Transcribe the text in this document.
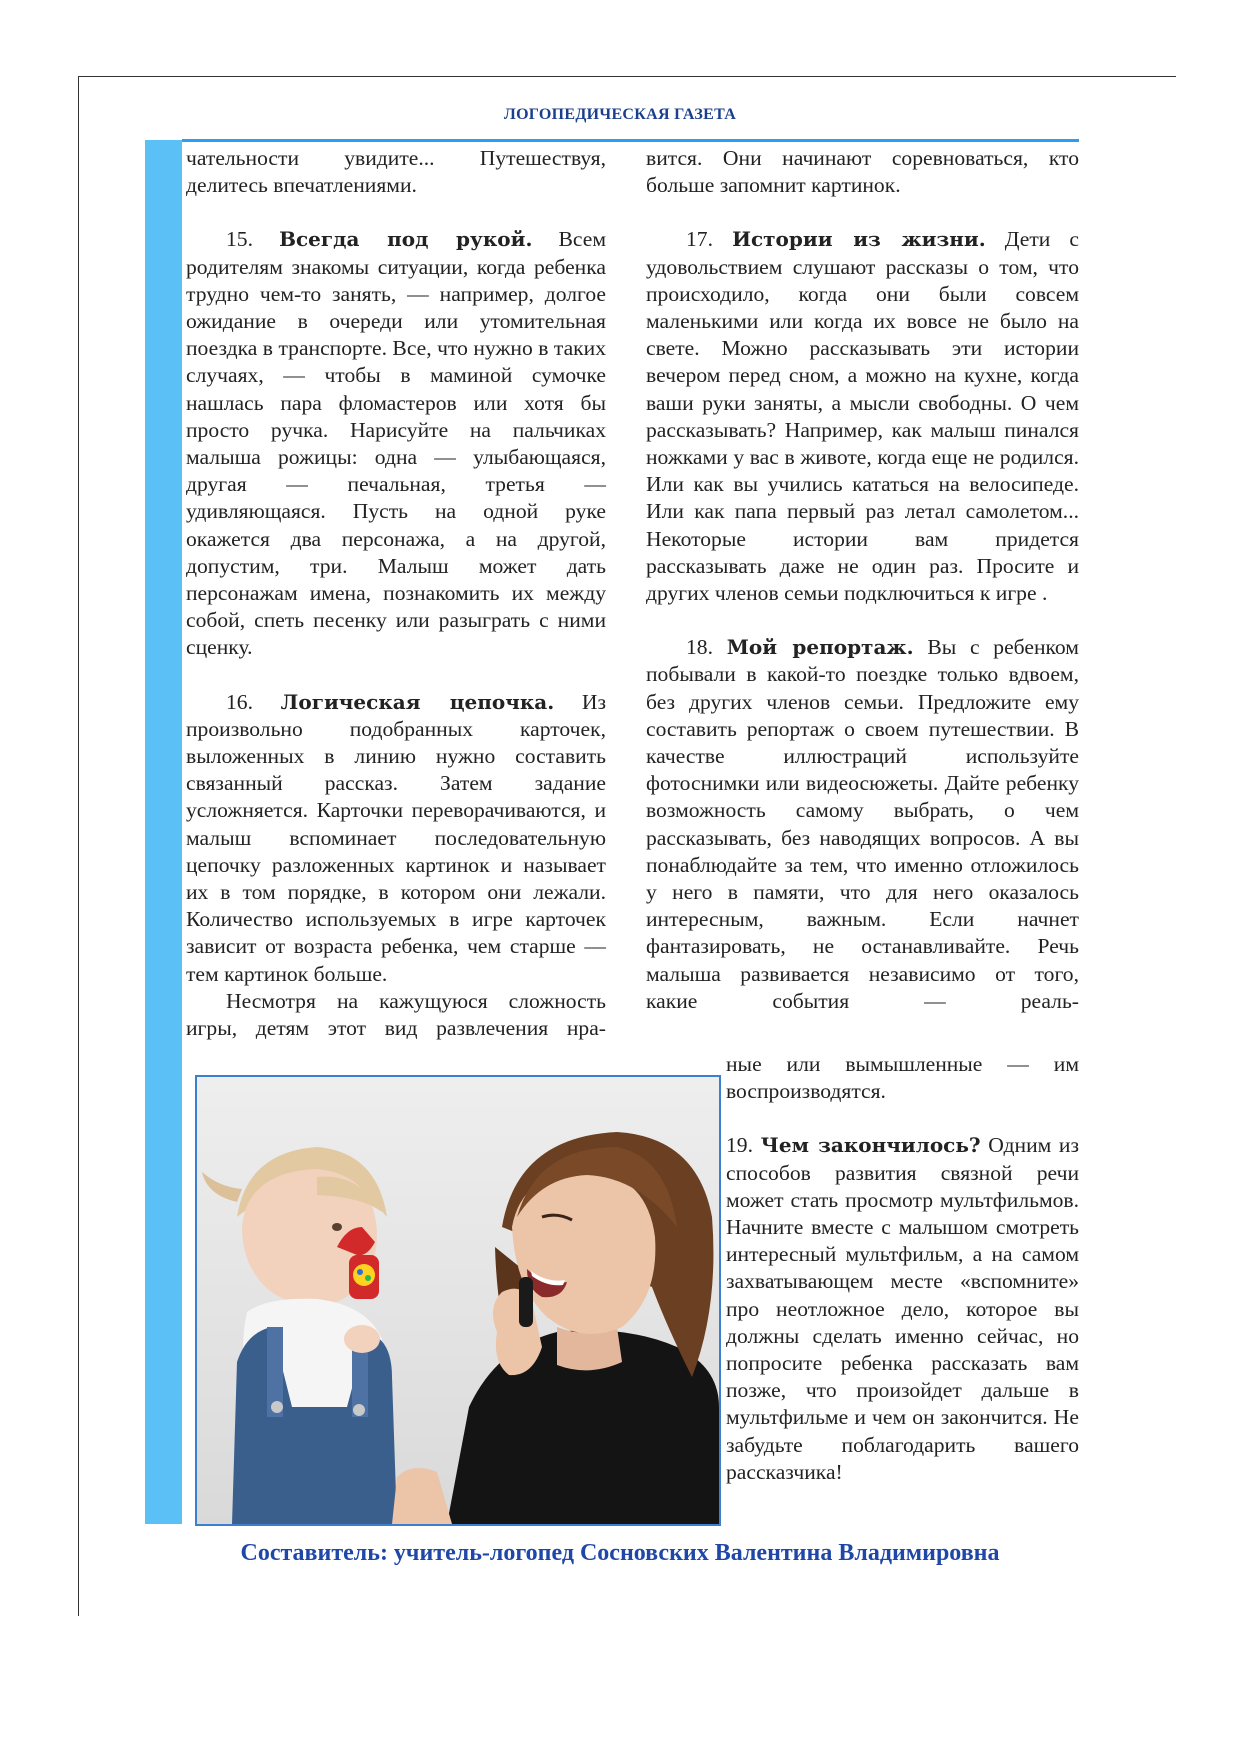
ЛОГОПЕДИЧЕСКАЯ ГАЗЕТА

чательности увидите... Путешествуя, делитесь впечатлениями.

15. Всегда под рукой. Всем родителям знакомы ситуации, когда ребенка трудно чем-то занять, — например, долгое ожидание в очереди или утомительная поездка в транспорте. Все, что нужно в таких случаях, — чтобы в маминой сумочке нашлась пара фломастеров или хотя бы просто ручка. Нарисуйте на пальчиках малыша рожицы: одна — улыбающаяся, другая — печальная, третья — удивляющаяся. Пусть на одной руке окажется два персонажа, а на другой, допустим, три. Малыш может дать персонажам имена, познакомить их между собой, спеть песенку или разыграть с ними сценку.

16. Логическая цепочка. Из произвольно подобранных карточек, выложенных в линию нужно составить связанный рассказ. Затем задание усложняется. Карточки переворачиваются, и малыш вспоминает последовательную цепочку разложенных картинок и называет их в том порядке, в котором они лежали. Количество используемых в игре карточек зависит от возраста ребенка, чем старше — тем картинок больше.

Несмотря на кажущуюся сложность игры, детям этот вид развлечения нра-

вится. Они начинают соревноваться, кто больше запомнит картинок.

17. Истории из жизни. Дети с удовольствием слушают рассказы о том, что происходило, когда они были совсем маленькими или когда их вовсе не было на свете. Можно рассказывать эти истории вечером перед сном, а можно на кухне, когда ваши руки заняты, а мысли свободны. О чем рассказывать? Например, как малыш пинался ножками у вас в животе, когда еще не родился. Или как вы учились кататься на велосипеде. Или как папа первый раз летал самолетом... Некоторые истории вам придется рассказывать даже не один раз. Просите и других членов семьи подключиться к игре .

18. Мой репортаж. Вы с ребенком побывали в какой-то поездке только вдвоем, без других членов семьи. Предложите ему составить репортаж о своем путешествии. В качестве иллюстраций используйте фотоснимки или видеосюжеты. Дайте ребенку возможность самому выбрать, о чем рассказывать, без наводящих вопросов. А вы понаблюдайте за тем, что именно отложилось у него в памяти, что для него оказалось интересным, важным. Если начнет фантазировать, не останавливайте. Речь малыша развивается независимо от того, какие события — реаль-

ные или вымышленные — им воспроизводятся.

19. Чем закончилось? Одним из способов развития связной речи может стать просмотр мультфильмов. Начните вместе с малышом смотреть интересный мультфильм, а на самом захватывающем месте «вспомните» про неотложное дело, которое вы должны сделать именно сейчас, но попросите ребенка рассказать вам позже, что произойдет дальше в мультфильме и чем он закончится. Не забудьте поблагодарить вашего рассказчика!

Составитель: учитель-логопед Сосновских Валентина Владимировна
